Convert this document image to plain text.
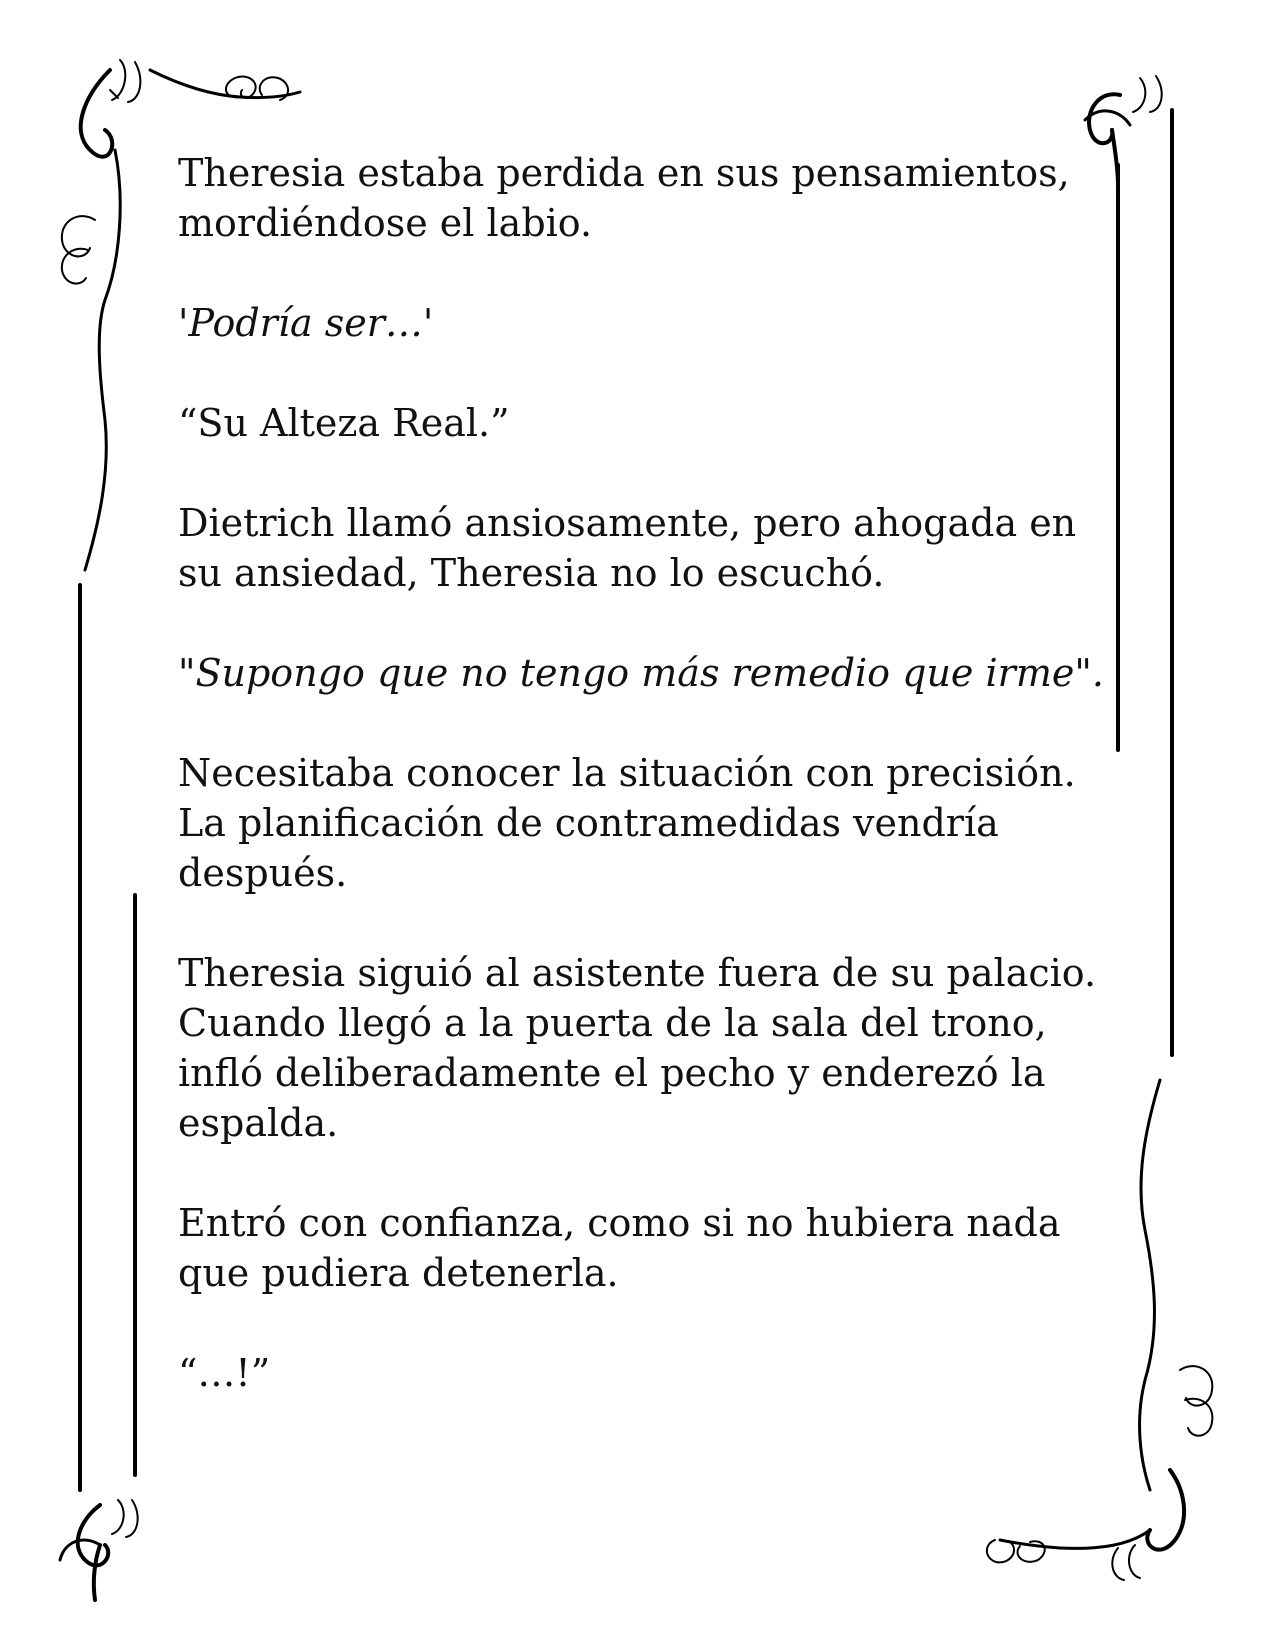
Theresia estaba perdida en sus pensamientos, mordiéndose el labio.

'Podría ser…'

“Su Alteza Real.”

Dietrich llamó ansiosamente, pero ahogada en su ansiedad, Theresia no lo escuchó.

"Supongo que no tengo más remedio que irme".

Necesitaba conocer la situación con precisión. La planificación de contramedidas vendría después.

Theresia siguió al asistente fuera de su palacio. Cuando llegó a la puerta de la sala del trono, infló deliberadamente el pecho y enderezó la espalda.

Entró con confianza, como si no hubiera nada que pudiera detenerla.

“…!”
